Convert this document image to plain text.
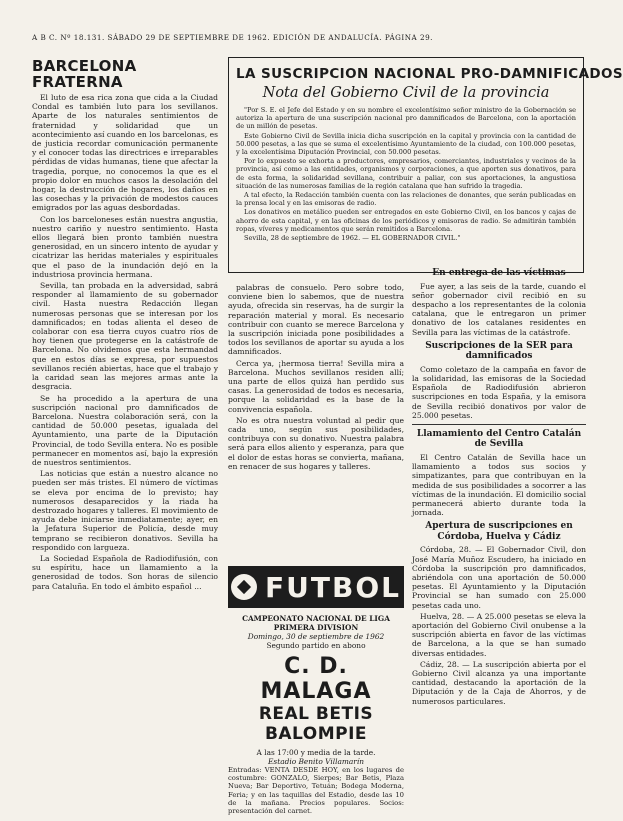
A B C. Nº 18.131. SÁBADO 29 DE SEPTIEMBRE DE 1962. EDICIÓN DE ANDALUCÍA. PÁGINA 29.
BARCELONA FRATERNA

El luto de esa rica zona que cida a la Ciudad Condal es también luto para los sevillanos. Aparte de los naturales sentimientos de fraternidad y solidaridad que un acontecimiento así cuando en los barcelonas, es de justicia recordar comunicación permanente y el conocer todas las directrices e irreparables pérdidas de vidas humanas, tiene que afectar la tragedia, porque, no conocemos la que es el propio dolor en muchos casos la desolación del hogar, la destrucción de hogares, los daños en las cosechas y la privación de modestos cauces emigrados por las aguas desbordadas.

Con los barceloneses están nuestra angustia, nuestro cariño y nuestro sentimiento. Hasta ellos llegará bien pronto también nuestra generosidad, en un sincero intento de ayudar y cicatrizar las heridas materiales y espirituales que el paso de la inundación dejó en la industriosa provincia hermana.

Sevilla, tan probada en la adversidad, sabrá responder al llamamiento de su gobernador civil. Hasta nuestra Redacción llegan numerosas personas que se interesan por los damnificados; en todas alienta el deseo de colaborar con esa tierra cuyos cuatro ríos de hoy tienen que protegerse en la catástrofe de Barcelona. No olvidemos que esta hermandad que en estos días se expresa, por supuestos sevillanos recién abiertas, hace que el trabajo y la caridad sean las mejores armas ante la desgracia.

Se ha procedido a la apertura de una suscripción nacional pro damnificados de Barcelona. Nuestra colaboración será, con la cantidad de 50.000 pesetas, igualada del Ayuntamiento, una parte de la Diputación Provincial, de todo Sevilla entera. No es posible permanecer en momentos así, bajo la expresión de nuestros sentimientos.

Las noticias que están a nuestro alcance no pueden ser más tristes. El número de víctimas se eleva por encima de lo previsto; hay numerosos desaparecidos y la riada ha destrozado hogares y talleres. El movimiento de ayuda debe iniciarse inmediatamente; ayer, en la Jefatura Superior de Policía, desde muy temprano se recibieron donativos. Sevilla ha respondido con largueza.

La Sociedad Española de Radiodifusión, con su espíritu, hace un llamamiento a la generosidad de todos. Son horas de silencio para Cataluña. En todo el ámbito español ...

LA SUSCRIPCION NACIONAL PRO-DAMNIFICADOS
Nota del Gobierno Civil de la provincia

"Por S. E. el Jefe del Estado y en su nombre el excelentísimo señor ministro de la Gobernación se autoriza la apertura de una suscripción nacional pro damnificados de Barcelona, con la aportación de un millón de pesetas.

Este Gobierno Civil de Sevilla inicia dicha suscripción en la capital y provincia con la cantidad de 50.000 pesetas, a las que se suma el excelentísimo Ayuntamiento de la ciudad, con 100.000 pesetas, y la excelentísima Diputación Provincial, con 50.000 pesetas.

Por lo expuesto se exhorta a productores, empresarios, comerciantes, industriales y vecinos de la provincia, así como a las entidades, organismos y corporaciones, a que aporten sus donativos, para de esta forma, la solidaridad sevillana, contribuir a paliar, con sus aportaciones, la angustiosa situación de las numerosas familias de la región catalana que han sufrido la tragedia.

A tal efecto, la Redacción también cuenta con las relaciones de donantes, que serán publicadas en la prensa local y en las emisoras de radio.

Los donativos en metálico pueden ser entregados en este Gobierno Civil, en los bancos y cajas de ahorro de esta capital, y en las oficinas de los periódicos y emisoras de radio. Se admitirán también ropas, víveres y medicamentos que serán remitidos a Barcelona.

Sevilla, 28 de septiembre de 1962. — EL GOBERNADOR CIVIL."

palabras de consuelo. Pero sobre todo, conviene bien lo sabemos, que de nuestra ayuda, ofrecida sin reservas, ha de surgir la reparación material y moral. Es necesario contribuir con cuanto se merece Barcelona y la suscripción iniciada pone posibilidades a todos los sevillanos de aportar su ayuda a los damnificados.

Cerca ya, ¡hermosa tierra! Sevilla mira a Barcelona. Muchos sevillanos residen allí; una parte de ellos quizá han perdido sus casas. La generosidad de todos es necesaria, porque la solidaridad es la base de la convivencia española.

No es otra nuestra voluntad al pedir que cada uno, según sus posibilidades, contribuya con su donativo. Nuestra palabra será para ellos aliento y esperanza, para que el dolor de estas horas se convierta, mañana, en renacer de sus hogares y talleres.

FUTBOL
CAMPEONATO NACIONAL DE LIGA
PRIMERA DIVISION
Domingo, 30 de septiembre de 1962
Segundo partido en abono
C. D. MALAGA
REAL BETIS BALOMPIE
A las 17:00 y media de la tarde.
Estadio Benito Villamarín
Entradas: VENTA DESDE HOY, en los lugares de costumbre: GONZALO, Sierpes; Bar Betis, Plaza Nueva; Bar Deportivo, Tetuán; Bodega Moderna, Feria; y en las taquillas del Estadio, desde las 10 de la mañana. Precios populares. Socios: presentación del carnet.
En entrega de las víctimas

Fue ayer, a las seis de la tarde, cuando el señor gobernador civil recibió en su despacho a los representantes de la colonia catalana, que le entregaron un primer donativo de los catalanes residentes en Sevilla para las víctimas de la catástrofe.

Suscripciones de la SER para damnificados

Como coletazo de la campaña en favor de la solidaridad, las emisoras de la Sociedad Española de Radiodifusión abrieron suscripciones en toda España, y la emisora de Sevilla recibió donativos por valor de 25.000 pesetas.

Llamamiento del Centro Catalán de Sevilla

El Centro Catalán de Sevilla hace un llamamiento a todos sus socios y simpatizantes, para que contribuyan en la medida de sus posibilidades a socorrer a las víctimas de la inundación. El domicilio social permanecerá abierto durante toda la jornada.

Apertura de suscripciones en Córdoba, Huelva y Cádiz

Córdoba, 28. — El Gobernador Civil, don José María Muñoz Escudero, ha iniciado en Córdoba la suscripción pro damnificados, abriéndola con una aportación de 50.000 pesetas. El Ayuntamiento y la Diputación Provincial se han sumado con 25.000 pesetas cada uno.

Huelva, 28. — A 25.000 pesetas se eleva la aportación del Gobierno Civil onubense a la suscripción abierta en favor de las víctimas de Barcelona, a la que se han sumado diversas entidades.

Cádiz, 28. — La suscripción abierta por el Gobierno Civil alcanza ya una importante cantidad, destacando la aportación de la Diputación y de la Caja de Ahorros, y de numerosos particulares.
